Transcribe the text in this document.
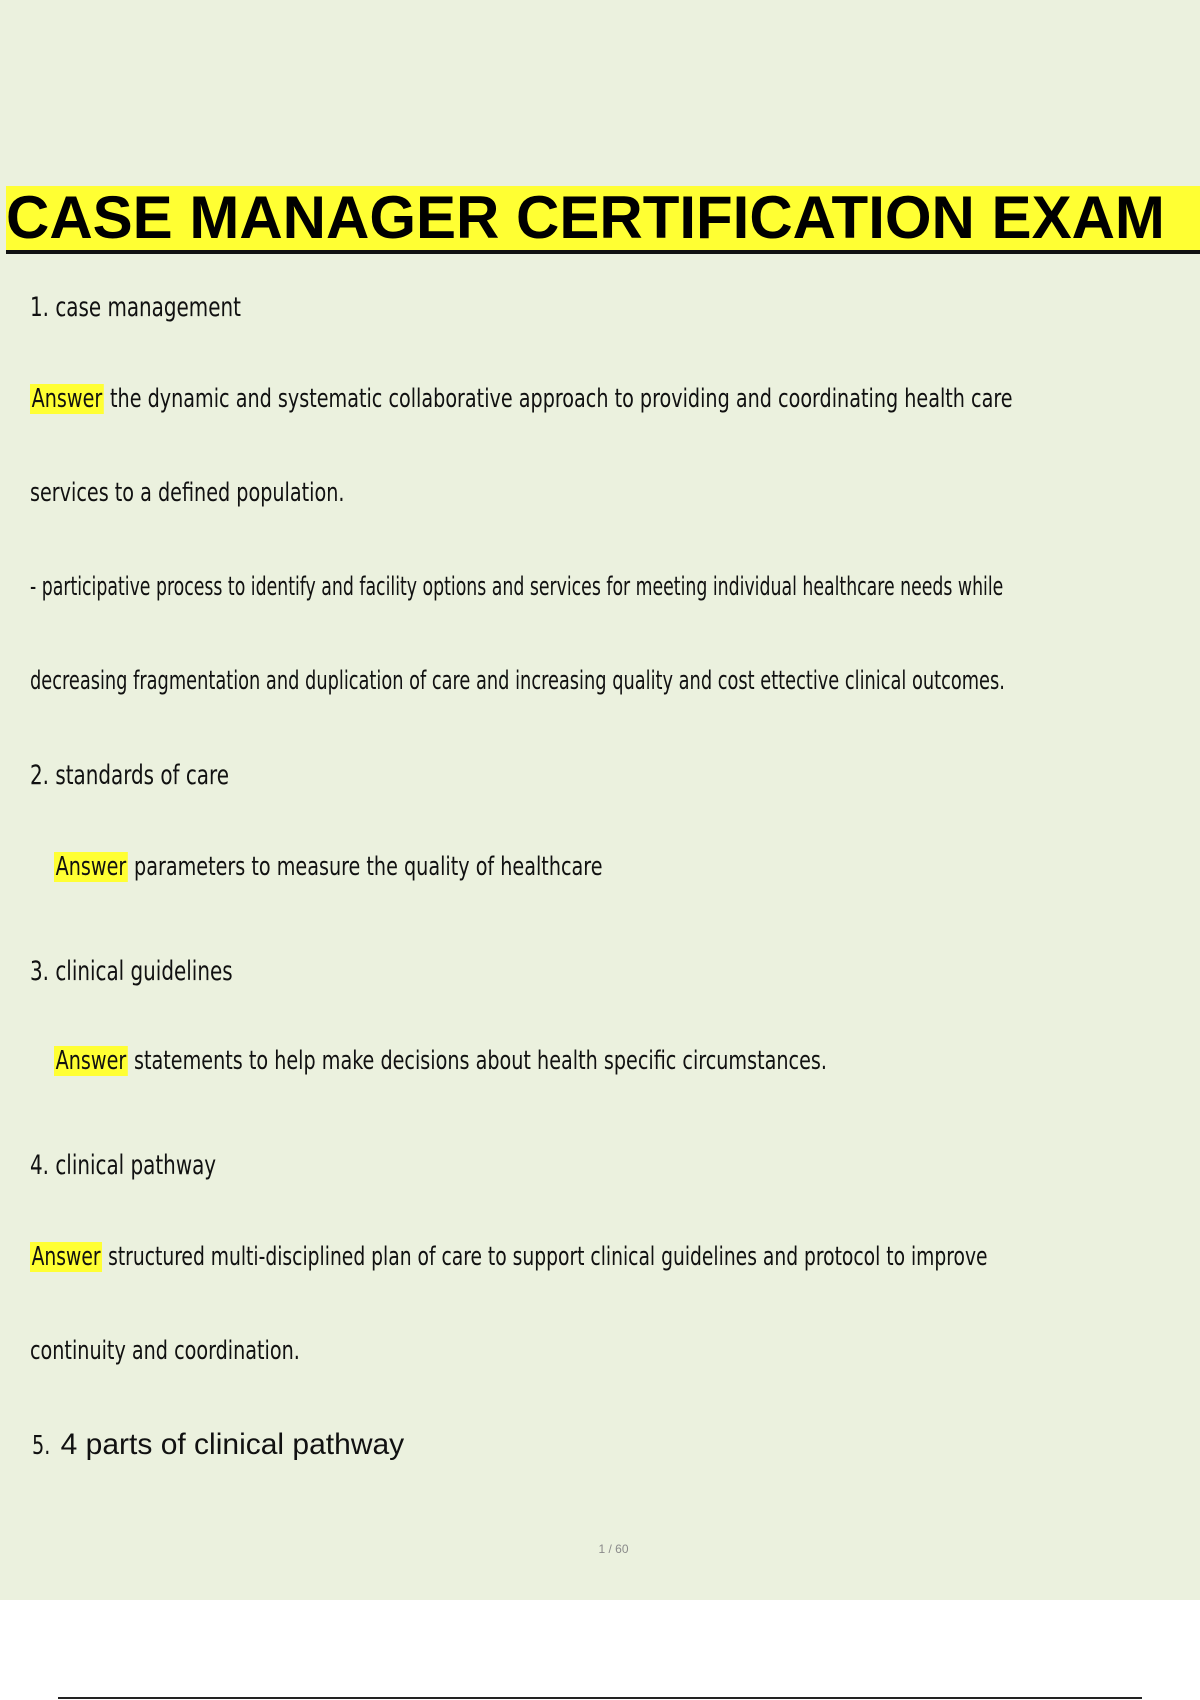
CASE MANAGER CERTIFICATION EXAM
1. case management
Answer the dynamic and systematic collaborative approach to providing and coordinating health care
services to a defined population.
- participative process to identify and facility options and services for meeting individual healthcare needs while
decreasing fragmentation and duplication of care and increasing quality and cost ettective clinical outcomes.
2. standards of care
Answer parameters to measure the quality of healthcare
3. clinical guidelines
Answer statements to help make decisions about health specific circumstances.
4. clinical pathway
Answer structured multi-disciplined plan of care to support clinical guidelines and protocol to improve
continuity and coordination.
5. 4 parts of clinical pathway
1 / 60
